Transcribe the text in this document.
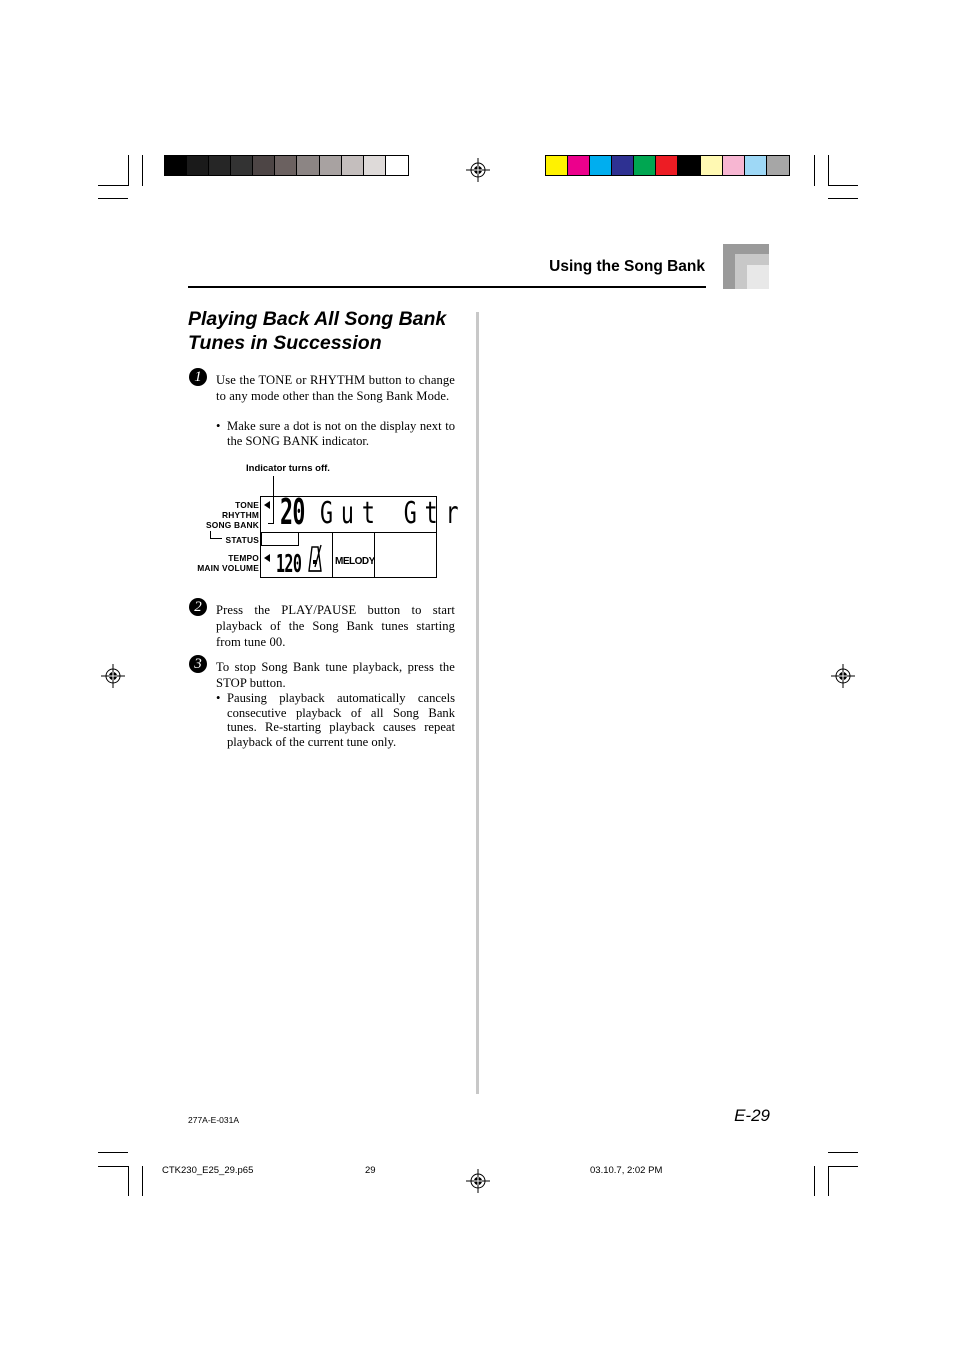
Using the Song Bank
Playing Back All Song Bank Tunes in Succession
1	Use the TONE or RHYTHM button to change to any mode other than the Song Bank Mode.
• Make sure a dot is not on the display next to the SONG BANK indicator.
Indicator turns off.
TONE
RHYTHM
SONG BANK
STATUS
TEMPO
MAIN VOLUME
20 Gut Gtr
120	MELODY
2	Press the PLAY/PAUSE button to start playback of the Song Bank tunes starting from tune 00.
3	To stop Song Bank tune playback, press the STOP button.
• Pausing playback automatically cancels consecutive playback of all Song Bank tunes. Re-starting playback causes repeat playback of the current tune only.
277A-E-031A	E-29
CTK230_E25_29.p65	29	03.10.7, 2:02 PM
